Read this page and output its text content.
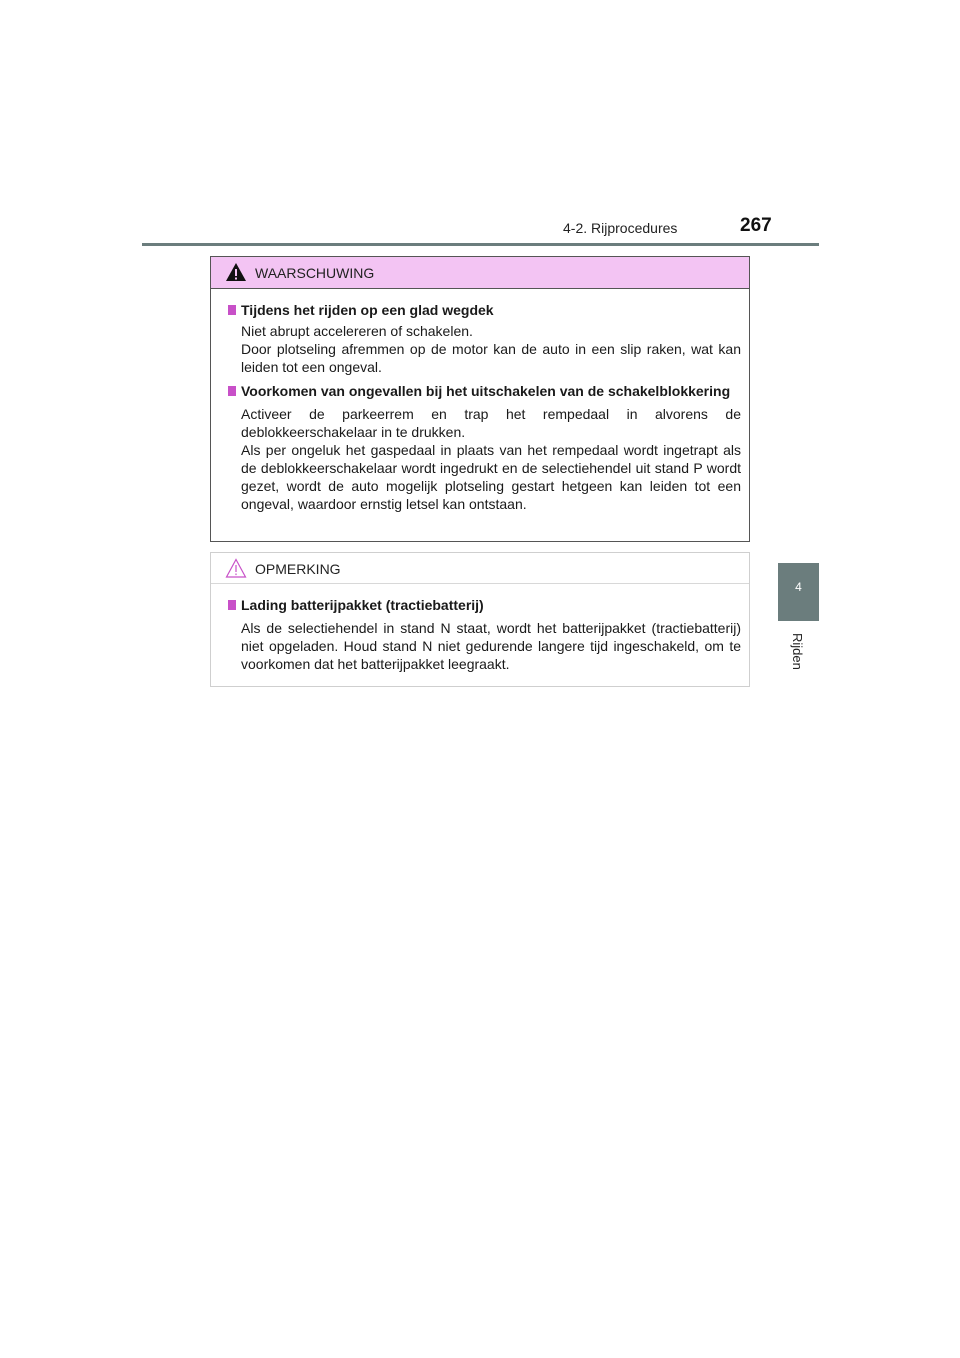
4-2. Rijprocedures	267
4
Rijden
WAARSCHUWING
Tijdens het rijden op een glad wegdek

Niet abrupt accelereren of schakelen.

Door plotseling afremmen op de motor kan de auto in een slip raken, wat kan leiden tot een ongeval.

Voorkomen van ongevallen bij het uitschakelen van de schakelblokkering

Activeer de parkeerrem en trap het rempedaal in alvorens de deblokkeerschakelaar in te drukken.

Als per ongeluk het gaspedaal in plaats van het rempedaal wordt ingetrapt als de deblokkeerschakelaar wordt ingedrukt en de selectiehendel uit stand P wordt gezet, wordt de auto mogelijk plotseling gestart hetgeen kan leiden tot een ongeval, waardoor ernstig letsel kan ontstaan.

OPMERKING
Lading batterijpakket (tractiebatterij)

Als de selectiehendel in stand N staat, wordt het batterijpakket (tractiebatterij) niet opgeladen. Houd stand N niet gedurende langere tijd ingeschakeld, om te voorkomen dat het batterijpakket leegraakt.
